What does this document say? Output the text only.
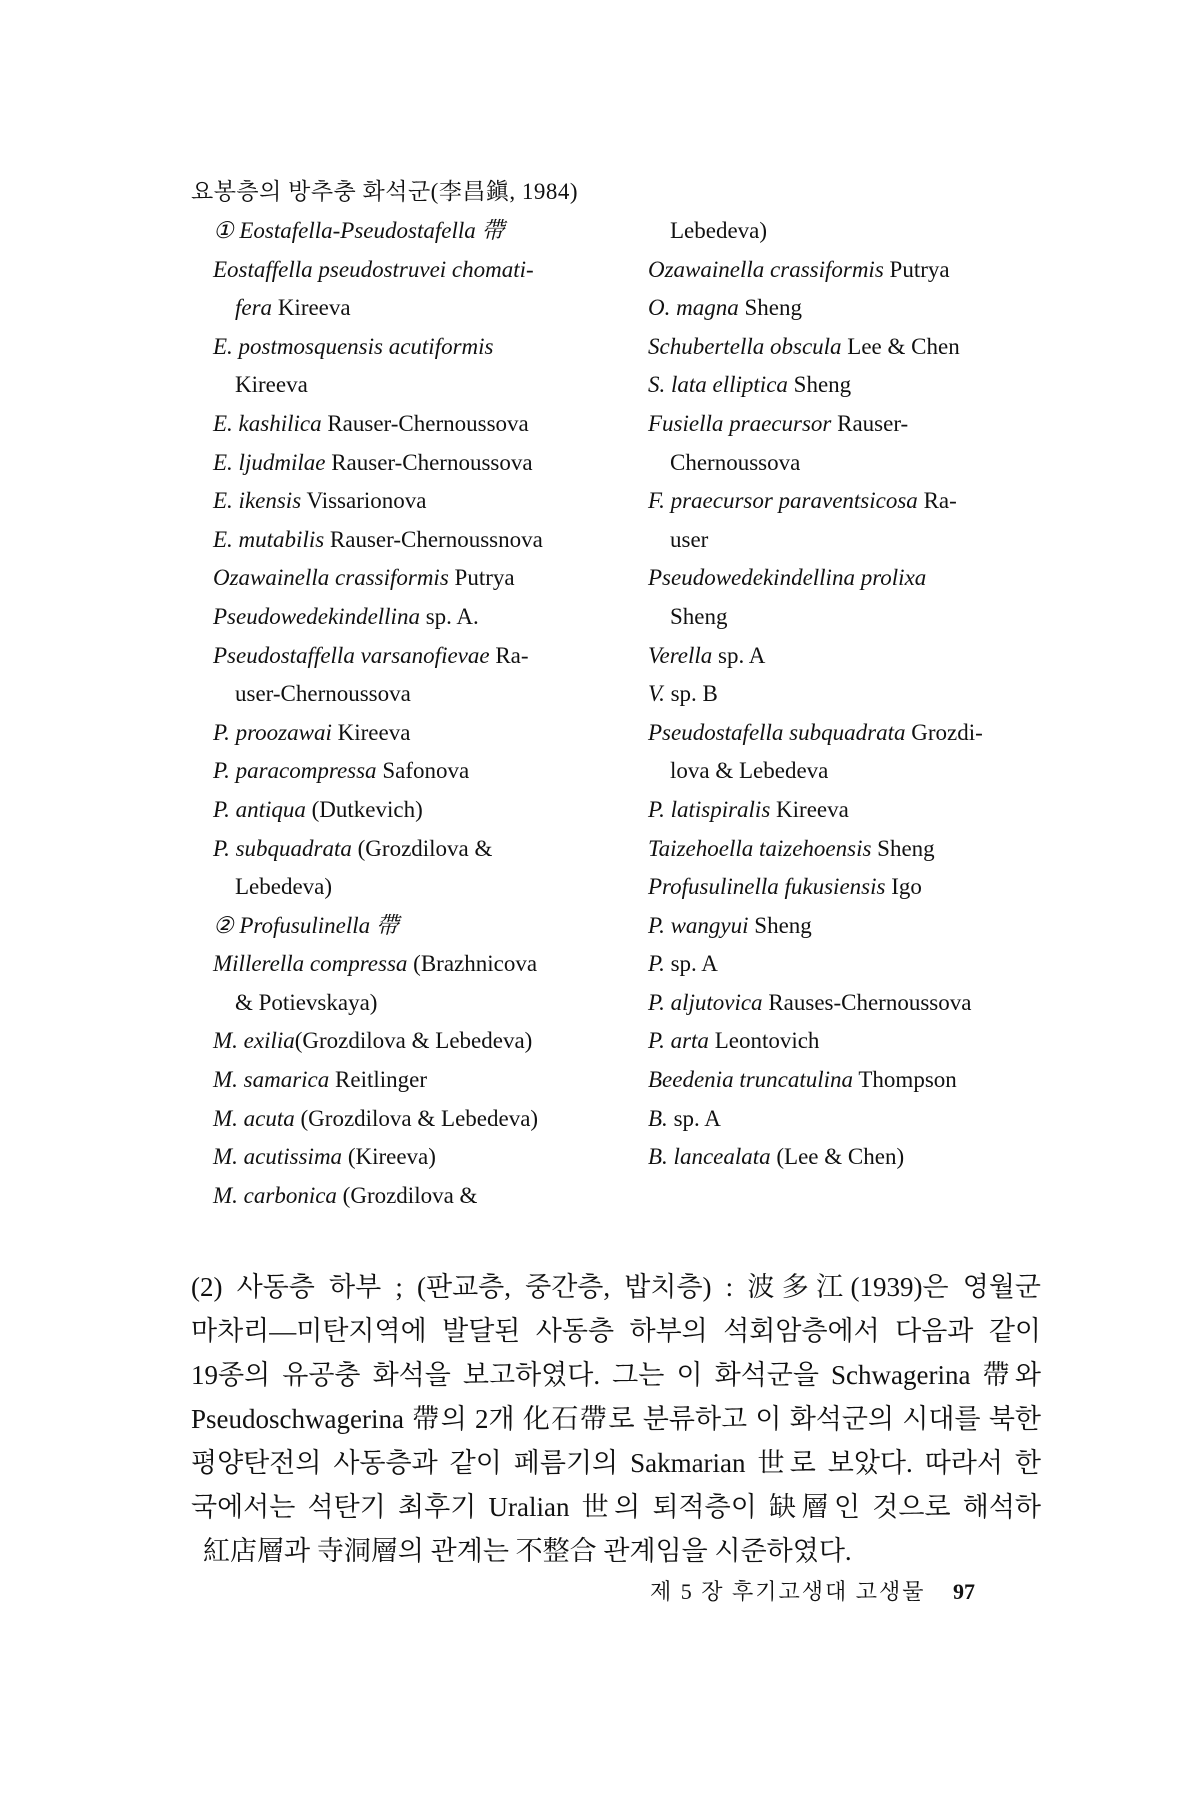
요봉층의 방추충 화석군(李昌鎭, 1984)
① Eostafella-Pseudostafella 帶
Eostaffella pseudostruvei chomati-
fera Kireeva
E. postmosquensis acutiformis
Kireeva
E. kashilica Rauser-Chernoussova
E. ljudmilae Rauser-Chernoussova
E. ikensis Vissarionova
E. mutabilis Rauser-Chernoussnova
Ozawainella crassiformis Putrya
Pseudowedekindellina sp. A.
Pseudostaffella varsanofievae Ra-
user-Chernoussova
P. proozawai Kireeva
P. paracompressa Safonova
P. antiqua (Dutkevich)
P. subquadrata (Grozdilova &
Lebedeva)
② Profusulinella 帶
Millerella compressa (Brazhnicova
& Potievskaya)
M. exilia(Grozdilova & Lebedeva)
M. samarica Reitlinger
M. acuta (Grozdilova & Lebedeva)
M. acutissima (Kireeva)
M. carbonica (Grozdilova &
Lebedeva)
Ozawainella crassiformis Putrya
O. magna Sheng
Schubertella obscula Lee & Chen
S. lata elliptica Sheng
Fusiella praecursor Rauser-
Chernoussova
F. praecursor paraventsicosa Ra-
user
Pseudowedekindellina prolixa
Sheng
Verella sp. A
V. sp. B
Pseudostafella subquadrata Grozdi-
lova & Lebedeva
P. latispiralis Kireeva
Taizehoella taizehoensis Sheng
Profusulinella fukusiensis Igo
P. wangyui Sheng
P. sp. A
P. aljutovica Rauses-Chernoussova
P. arta Leontovich
Beedenia truncatulina Thompson
B. sp. A
B. lancealata (Lee & Chen)
(2) 사동층 하부 ; (판교층, 중간층, 밥치층) : 波多江(1939)은 영월군
마차리—미탄지역에 발달된 사동층 하부의 석회암층에서 다음과 같이
19종의 유공충 화석을 보고하였다. 그는 이 화석군을 Schwagerina 帶와
Pseudoschwagerina 帶의 2개 化石帶로 분류하고 이 화석군의 시대를 북한
평양탄전의 사동층과 같이 페름기의 Sakmarian 世로 보았다. 따라서 한
국에서는 석탄기 최후기 Uralian 世의 퇴적층이 缺層인 것으로 해석하
紅店層과 寺洞層의 관계는 不整合 관계임을 시준하였다.
제 5 장 후기고생대 고생물 97
